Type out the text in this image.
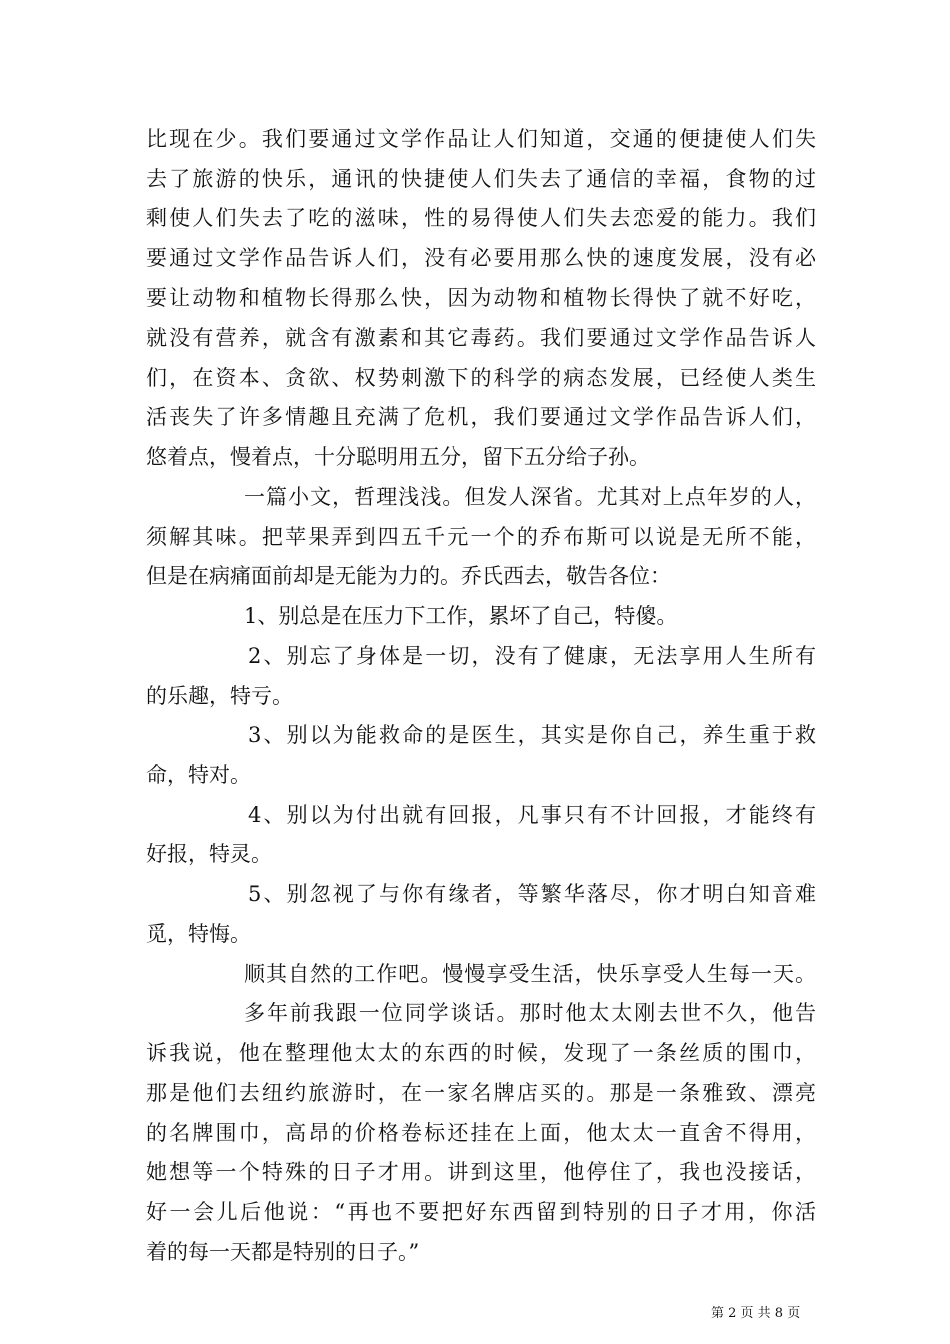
比现在少。我们要通过文学作品让人们知道，交通的便捷使人们失
去了旅游的快乐，通讯的快捷使人们失去了通信的幸福，食物的过
剩使人们失去了吃的滋味，性的易得使人们失去恋爱的能力。我们
要通过文学作品告诉人们，没有必要用那么快的速度发展，没有必
要让动物和植物长得那么快，因为动物和植物长得快了就不好吃，
就没有营养，就含有激素和其它毒药。我们要通过文学作品告诉人
们，在资本、贪欲、权势刺激下的科学的病态发展，已经使人类生
活丧失了许多情趣且充满了危机，我们要通过文学作品告诉人们，
悠着点，慢着点，十分聪明用五分，留下五分给子孙。
一篇小文，哲理浅浅。但发人深省。尤其对上点年岁的人，
须解其味。把苹果弄到四五千元一个的乔布斯可以说是无所不能，
但是在病痛面前却是无能为力的。乔氏西去，敬告各位：
1、别总是在压力下工作，累坏了自己，特傻。
2、别忘了身体是一切，没有了健康，无法享用人生所有
的乐趣，特亏。
3、别以为能救命的是医生，其实是你自己，养生重于救
命，特对。
4、别以为付出就有回报，凡事只有不计回报，才能终有
好报，特灵。
5、别忽视了与你有缘者，等繁华落尽，你才明白知音难
觅，特悔。
顺其自然的工作吧。慢慢享受生活，快乐享受人生每一天。
多年前我跟一位同学谈话。那时他太太刚去世不久，他告
诉我说，他在整理他太太的东西的时候，发现了一条丝质的围巾，
那是他们去纽约旅游时，在一家名牌店买的。那是一条雅致、漂亮
的名牌围巾，高昂的价格卷标还挂在上面，他太太一直舍不得用，
她想等一个特殊的日子才用。讲到这里，他停住了，我也没接话，
好一会儿后他说：“再也不要把好东西留到特别的日子才用，你活
着的每一天都是特别的日子。”
第 2 页 共 8 页
